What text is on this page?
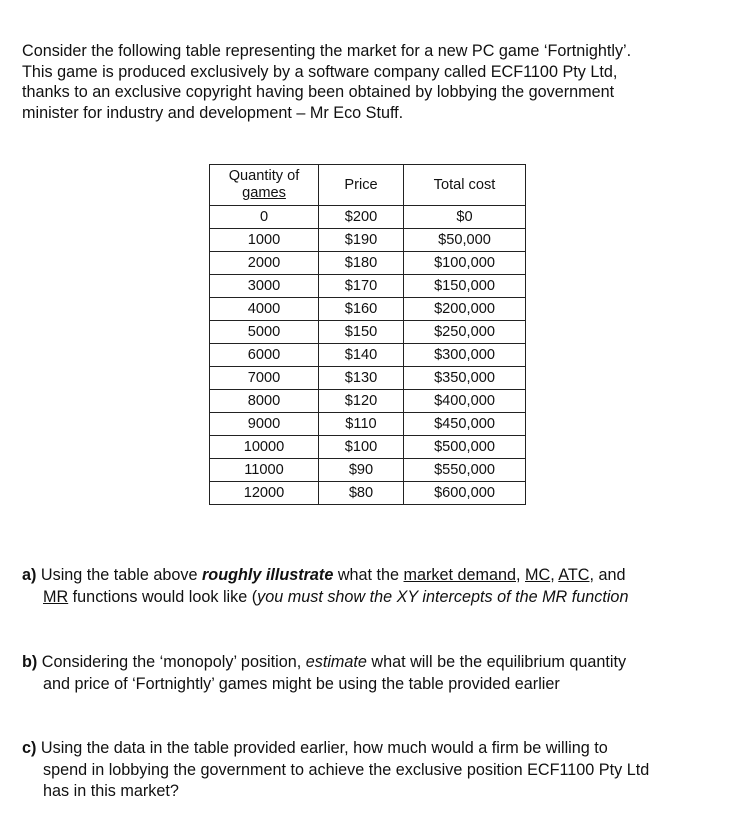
Consider the following table representing the market for a new PC game ‘Fortnightly’.
This game is produced exclusively by a software company called ECF1100 Pty Ltd,
thanks to an exclusive copyright having been obtained by lobbying the government
minister for industry and development – Mr Eco Stuff.

Quantity of
games	Price	Total cost
0	$200	$0
1000	$190	$50,000
2000	$180	$100,000
3000	$170	$150,000
4000	$160	$200,000
5000	$150	$250,000
6000	$140	$300,000
7000	$130	$350,000
8000	$120	$400,000
9000	$110	$450,000
10000	$100	$500,000
11000	$90	$550,000
12000	$80	$600,000

a) Using the table above roughly illustrate what the market demand, MC, ATC, and
MR functions would look like (you must show the XY intercepts of the MR function

b) Considering the ‘monopoly’ position, estimate what will be the equilibrium quantity
and price of ‘Fortnightly’ games might be using the table provided earlier

c) Using the data in the table provided earlier, how much would a firm be willing to
spend in lobbying the government to achieve the exclusive position ECF1100 Pty Ltd
has in this market?
